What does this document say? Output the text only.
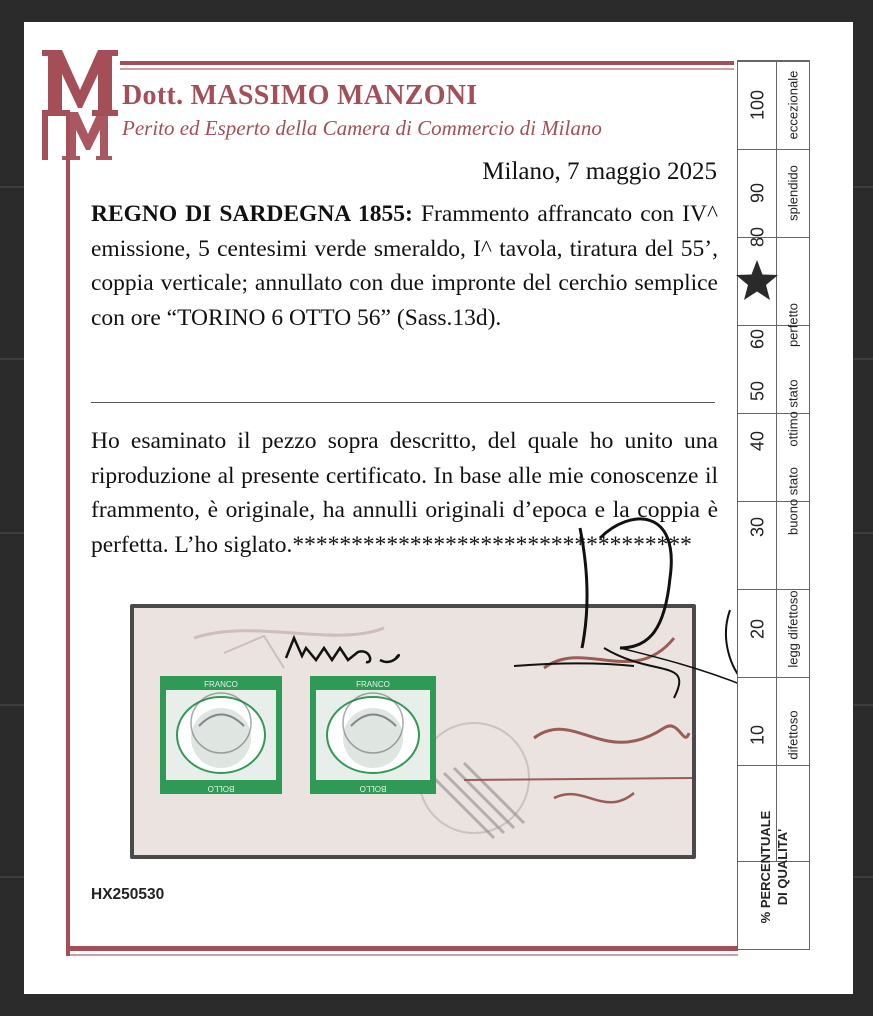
Dott. MASSIMO MANZONI

Perito ed Esperto della Camera di Commercio di Milano

Milano, 7 maggio 2025

REGNO DI SARDEGNA 1855: Frammento affrancato con IV^ emissione, 5 centesimi verde smeraldo, I^ tavola, tiratura del 55’, coppia verticale; annullato con due impronte del cerchio semplice con ore “TORINO 6 OTTO 56” (Sass.13d).

Ho esaminato il pezzo sopra descritto, del quale ho unito una riproduzione al presente certificato. In base alle mie conoscenze il frammento, è originale, ha annulli originali d’epoca e la coppia è perfetta. L’ho siglato.**********************************

FRANCO
BOLLO
FRANCO
BOLLO

HX250530

100 eccezionale
90 splendido
80
60 perfetto
50 ottimo stato
40
30 buono stato
20 legg difettoso
10 difettoso
% PERCENTUALE DI QUALITA'
